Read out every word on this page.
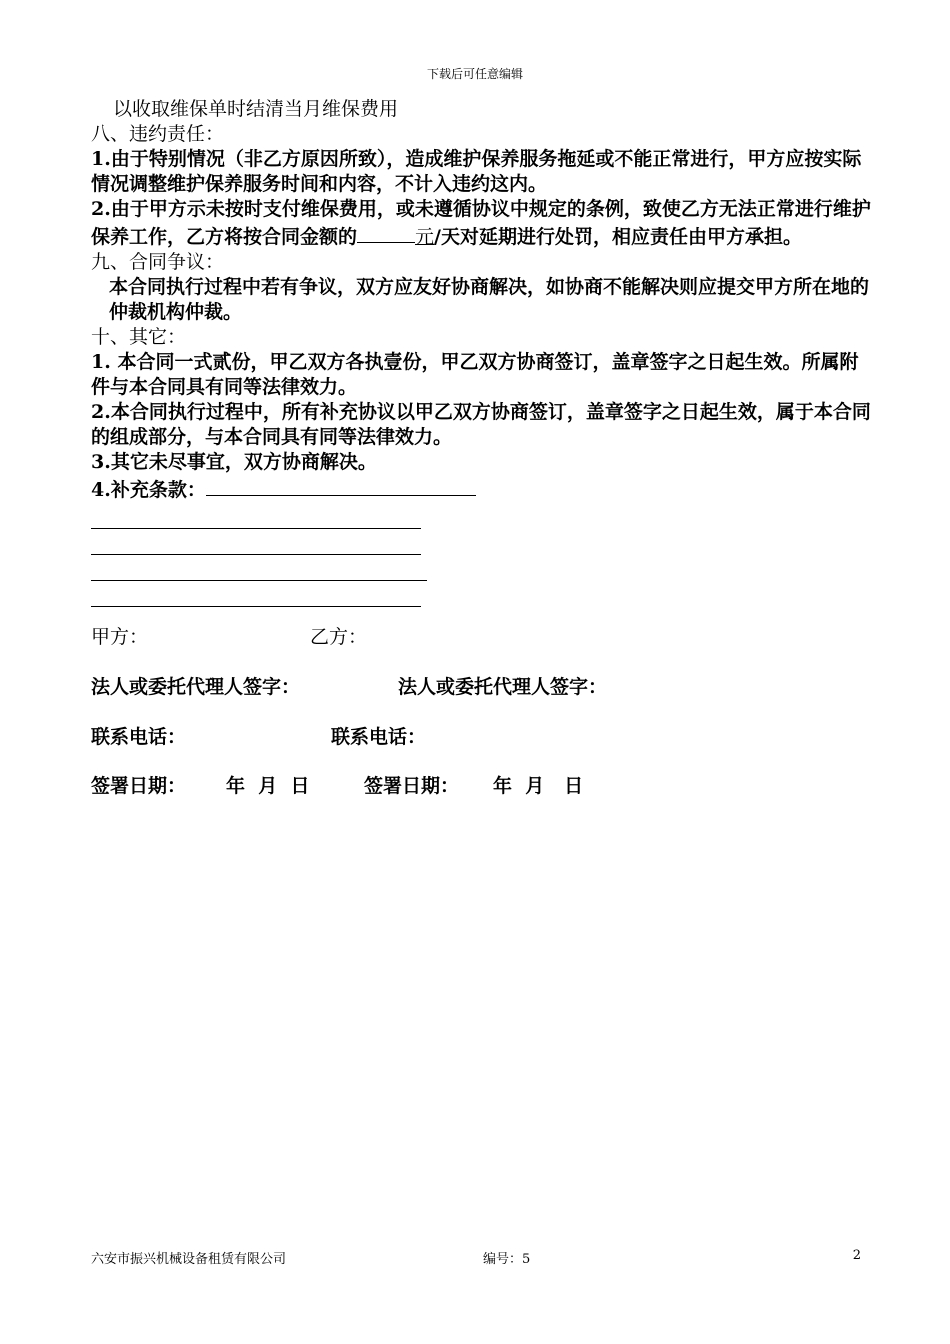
下载后可任意编辑

以收取维保单时结清当月维保费用

八、违约责任：

1.由于特别情况（非乙方原因所致），造成维护保养服务拖延或不能正常进行，甲方应按实际情况调整维护保养服务时间和内容，不计入违约这内。

2.由于甲方示未按时支付维保费用，或未遵循协议中规定的条例，致使乙方无法正常进行维护保养工作，乙方将按合同金额的	元/天对延期进行处罚，相应责任由甲方承担。

九、合同争议：

本合同执行过程中若有争议，双方应友好协商解决，如协商不能解决则应提交甲方所在地的仲裁机构仲裁。

十、其它：

1. 本合同一式贰份，甲乙双方各执壹份，甲乙双方协商签订，盖章签字之日起生效。所属附件与本合同具有同等法律效力。

2.本合同执行过程中，所有补充协议以甲乙双方协商签订，盖章签字之日起生效，属于本合同的组成部分，与本合同具有同等法律效力。

3.其它未尽事宜，双方协商解决。

4.补充条款：

甲方：	乙方：
法人或委托代理人签字：	法人或委托代理人签字：
联系电话：	联系电话：
签署日期： 年  月  日	签署日期： 年  月   日
六安市振兴机械设备租赁有限公司	编号：5	2
